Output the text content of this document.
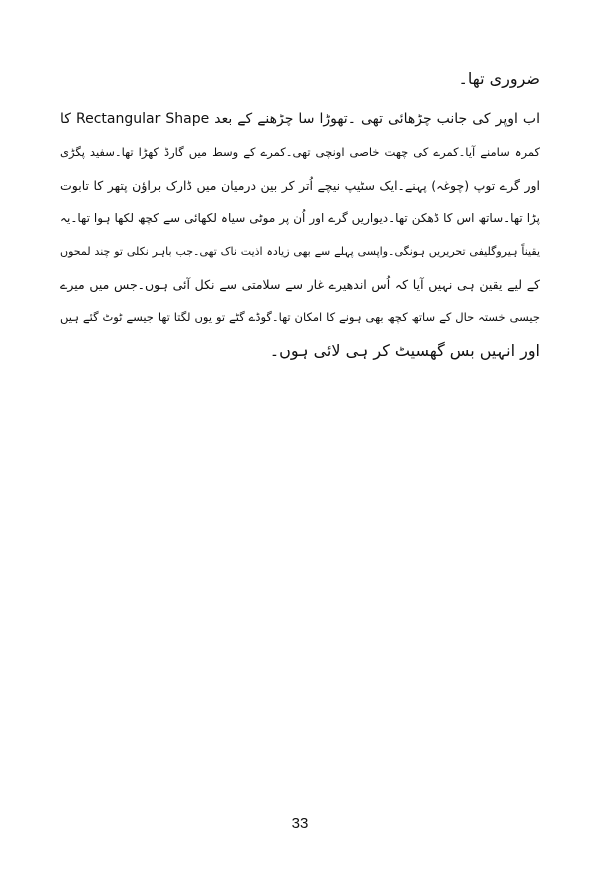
ضروری تھا۔
اب اوپر کی جانب چڑھائی تھی ۔تھوڑا سا چڑھنے کے بعد Rectangular Shape کا
کمرہ سامنے آیا۔کمرے کی چھت خاصی اونچی تھی۔کمرے کے وسط میں گارڈ کھڑا تھا۔سفید پگڑی
اور گرے توپ (چوغہ) پہنے۔ایک سٹیپ نیچے اُتر کر بین درمیان میں ڈارک براؤن پتھر کا تابوت
پڑا تھا۔ساتھ اس کا ڈھکن تھا۔دیواریں گرے اور اُن پر موٹی سیاہ لکھائی سے کچھ لکھا ہوا تھا۔یہ
یقیناً ہیروگلیفی تحریریں ہونگی۔واپسی پہلے سے بھی زیادہ اذیت ناک تھی۔جب باہر نکلی تو چند لمحوں
کے لیے یقین ہی نہیں آیا کہ اُس اندھیرے غار سے سلامتی سے نکل آئی ہوں۔جس میں میرے
جیسی خستہ حال کے ساتھ کچھ بھی ہونے کا امکان تھا۔گوڈے گٹے تو یوں لگتا تھا جیسے ٹوٹ گئے ہیں
اور انہیں بس گھسیٹ کر ہی لائی ہوں۔
33
